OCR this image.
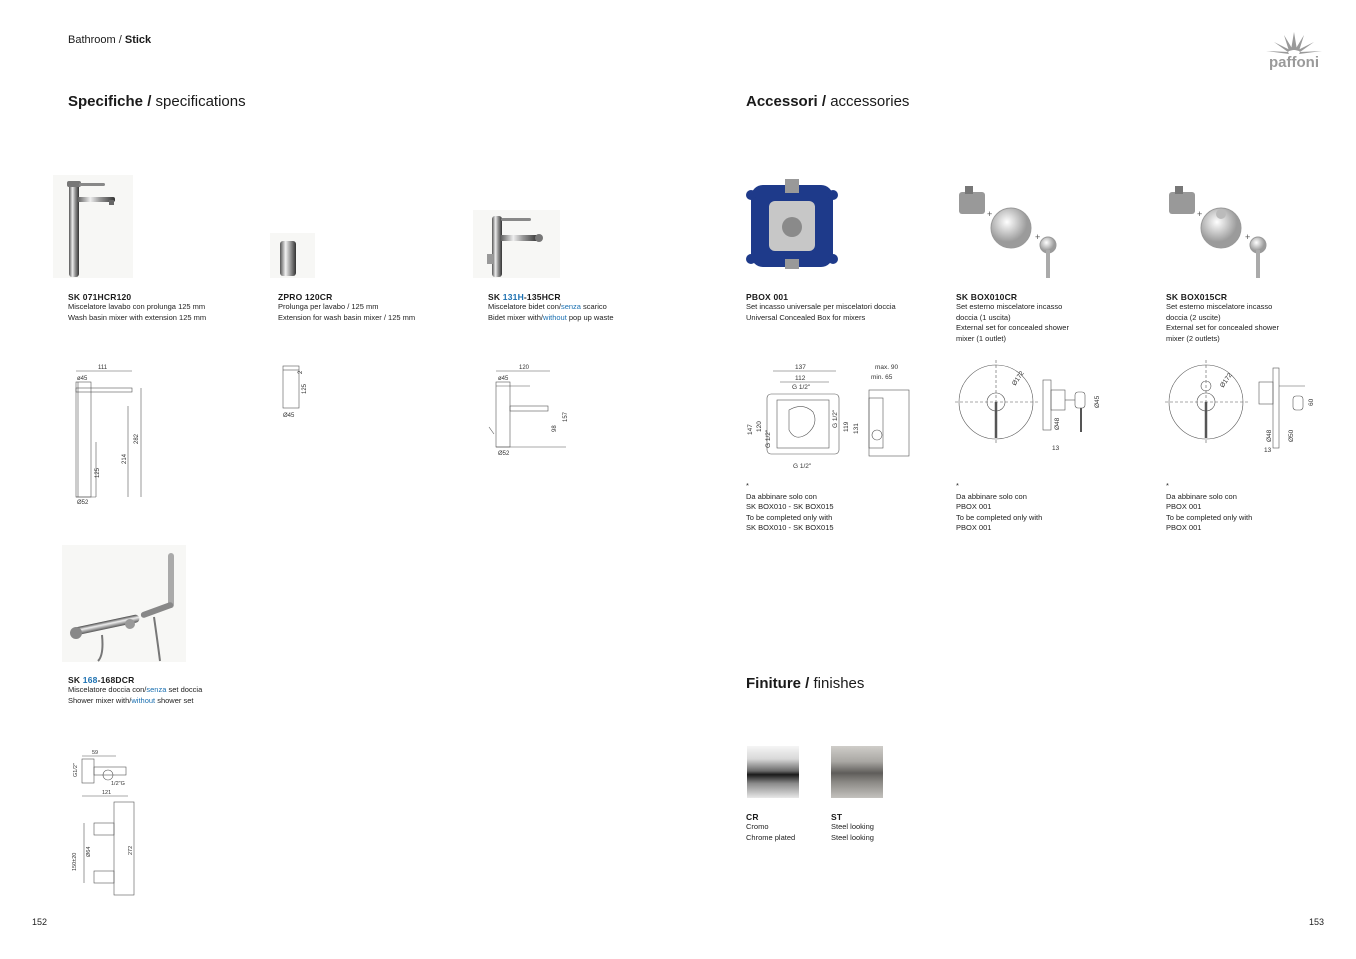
Bathroom / Stick
paffoni
Specifiche / specifications	Accessori / accessories
Finiture / finishes
SK 071HCR120
Miscelatore lavabo con prolunga 125 mm
Wash basin mixer with extension 125 mm
111
ø45
282
214
125
Ø52
ZPRO 120CR
Prolunga per lavabo / 125 mm
Extension for wash basin mixer / 125 mm
2
125
Ø45
SK 131H-135HCR
Miscelatore bidet con/senza scarico
Bidet mixer with/without pop up waste
120
ø45
157
98
Ø52
SK 168-168DCR
Miscelatore doccia con/senza set doccia
Shower mixer with/without shower set
59
G1/2"
1/2"G
121
Ø64	272
150±20
PBOX 001
Set incasso universale per miscelatori doccia
Universal Concealed Box for mixers
137
112
G 1/2"
max. 90
min. 65
147 120
G 1/2"
G 1/2" 119 131
G 1/2"
*
Da abbinare solo con
SK BOX010 - SK BOX015
To be completed only with
SK BOX010 - SK BOX015
+
+
SK BOX010CR
Set esterno miscelatore incasso
doccia (1 uscita)
External set for concealed shower
mixer (1 outlet)
Ø172
Ø45
Ø48
13
*
Da abbinare solo con
PBOX 001
To be completed only with
PBOX 001
+
+
SK BOX015CR
Set esterno miscelatore incasso
doccia (2 uscite)
External set for concealed shower
mixer (2 outlets)
Ø172
60
Ø48 Ø50
13
*
Da abbinare solo con
PBOX 001
To be completed only with
PBOX 001
CR
Cromo
Chrome plated
ST
Steel looking
Steel looking
152	153
